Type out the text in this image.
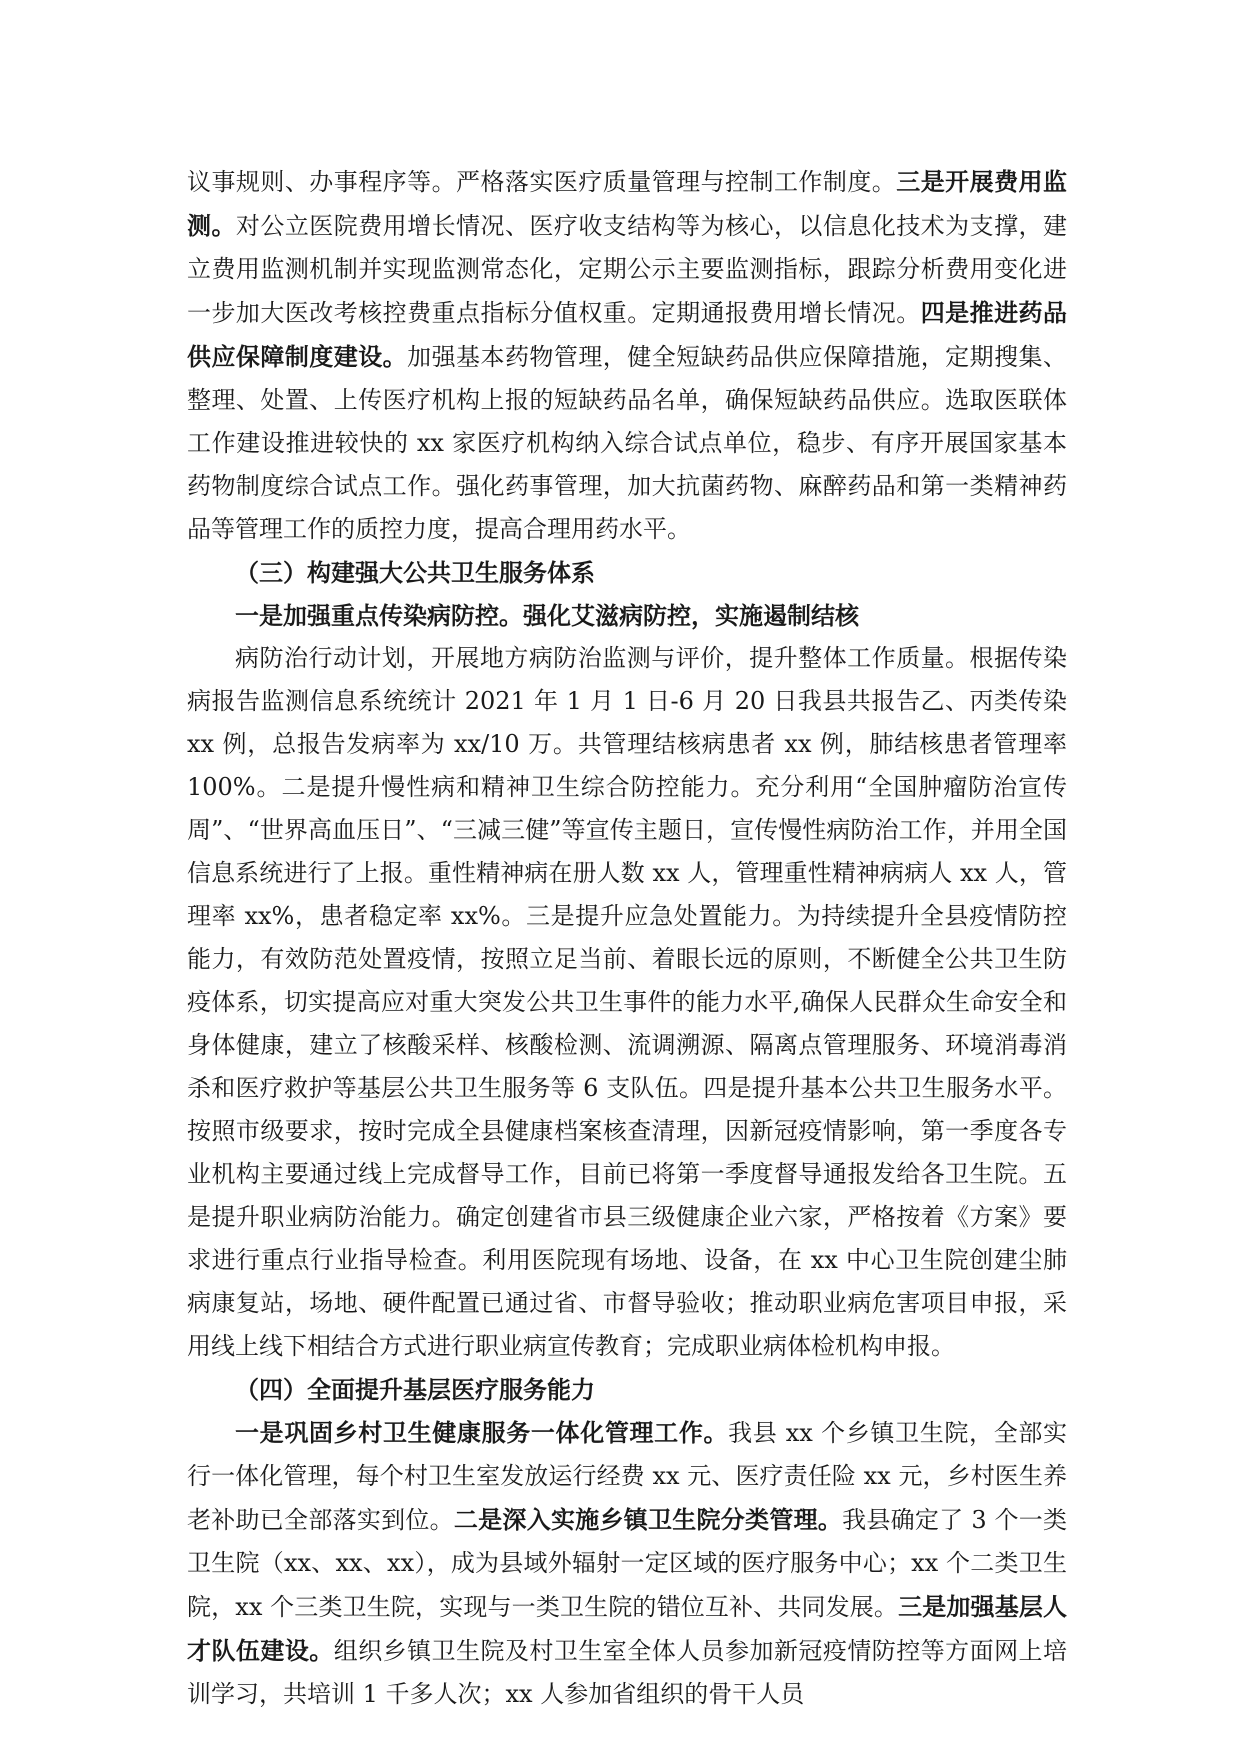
议事规则、办事程序等。严格落实医疗质量管理与控制工作制度。三是开展费用监测。对公立医院费用增长情况、医疗收支结构等为核心，以信息化技术为支撑，建立费用监测机制并实现监测常态化，定期公示主要监测指标，跟踪分析费用变化进一步加大医改考核控费重点指标分值权重。定期通报费用增长情况。四是推进药品供应保障制度建设。加强基本药物管理，健全短缺药品供应保障措施，定期搜集、整理、处置、上传医疗机构上报的短缺药品名单，确保短缺药品供应。选取医联体工作建设推进较快的 xx 家医疗机构纳入综合试点单位，稳步、有序开展国家基本药物制度综合试点工作。强化药事管理，加大抗菌药物、麻醉药品和第一类精神药品等管理工作的质控力度，提高合理用药水平。

（三）构建强大公共卫生服务体系

一是加强重点传染病防控。强化艾滋病防控，实施遏制结核

病防治行动计划，开展地方病防治监测与评价，提升整体工作质量。根据传染病报告监测信息系统统计 2021 年 1 月 1 日-6 月 20 日我县共报告乙、丙类传染 xx 例，总报告发病率为 xx/10 万。共管理结核病患者 xx 例，肺结核患者管理率 100%。二是提升慢性病和精神卫生综合防控能力。充分利用“全国肿瘤防治宣传周”、“世界高血压日”、“三减三健”等宣传主题日，宣传慢性病防治工作，并用全国信息系统进行了上报。重性精神病在册人数 xx 人，管理重性精神病病人 xx 人，管理率 xx%，患者稳定率 xx%。三是提升应急处置能力。为持续提升全县疫情防控能力，有效防范处置疫情，按照立足当前、着眼长远的原则，不断健全公共卫生防疫体系，切实提高应对重大突发公共卫生事件的能力水平,确保人民群众生命安全和身体健康，建立了核酸采样、核酸检测、流调溯源、隔离点管理服务、环境消毒消杀和医疗救护等基层公共卫生服务等 6 支队伍。四是提升基本公共卫生服务水平。按照市级要求，按时完成全县健康档案核查清理，因新冠疫情影响，第一季度各专业机构主要通过线上完成督导工作，目前已将第一季度督导通报发给各卫生院。五是提升职业病防治能力。确定创建省市县三级健康企业六家，严格按着《方案》要求进行重点行业指导检查。利用医院现有场地、设备，在 xx 中心卫生院创建尘肺病康复站，场地、硬件配置已通过省、市督导验收；推动职业病危害项目申报，采用线上线下相结合方式进行职业病宣传教育；完成职业病体检机构申报。

（四）全面提升基层医疗服务能力

一是巩固乡村卫生健康服务一体化管理工作。我县 xx 个乡镇卫生院，全部实行一体化管理，每个村卫生室发放运行经费 xx 元、医疗责任险 xx 元，乡村医生养老补助已全部落实到位。二是深入实施乡镇卫生院分类管理。我县确定了 3 个一类卫生院（xx、xx、xx），成为县域外辐射一定区域的医疗服务中心；xx 个二类卫生院，xx 个三类卫生院，实现与一类卫生院的错位互补、共同发展。三是加强基层人才队伍建设。组织乡镇卫生院及村卫生室全体人员参加新冠疫情防控等方面网上培训学习，共培训 1 千多人次；xx 人参加省组织的骨干人员
